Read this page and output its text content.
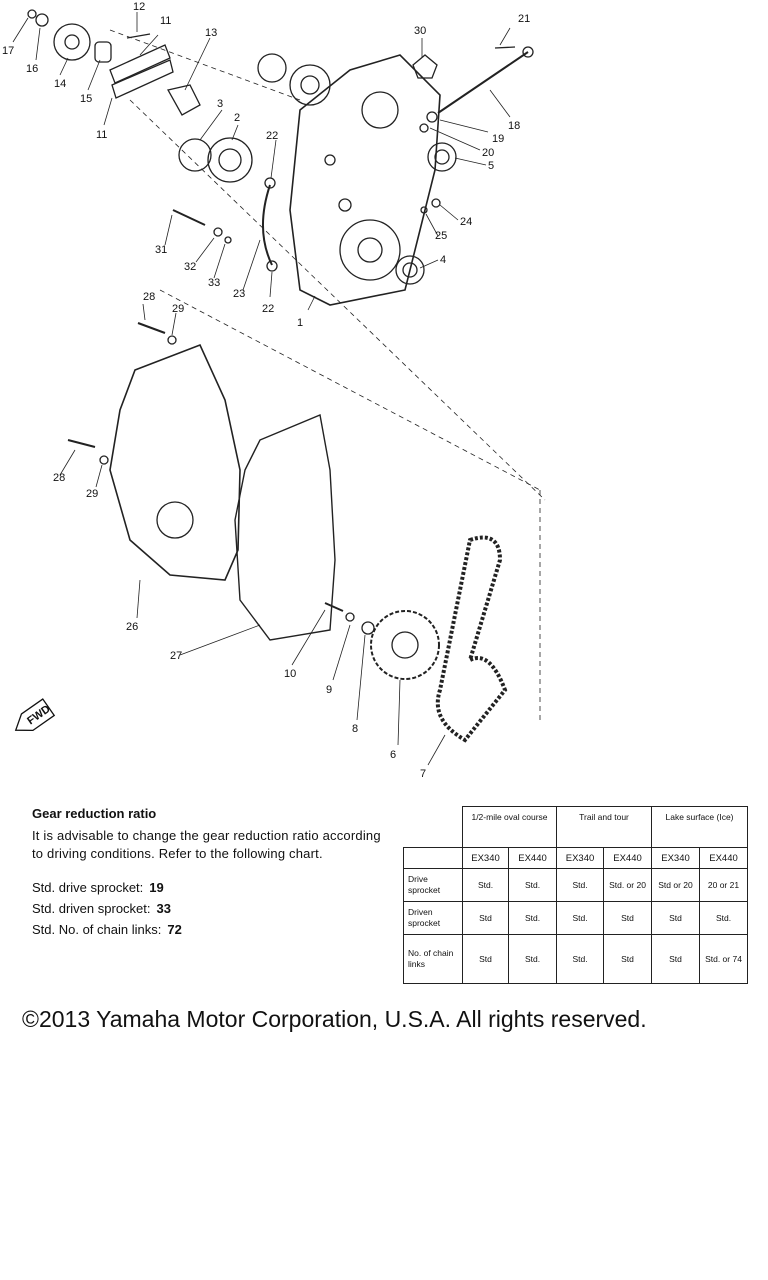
1
2
3
4
5
6
7
8
9
10
11
11
12
13
14
15
16
17
18
19
20
21
22
22
23
24
25
26
27
28
28
29
29
30
31
32
33
FWD

Gear reduction ratio

It is advisable to change the gear reduction ratio according to driving conditions. Refer to the following chart.

Std. drive sprocket: 19

Std. driven sprocket: 33

Std. No. of chain links: 72

	1/2-mile oval course		Trail and tour		Lake surface (Ice)	
	EX340	EX440	EX340	EX440	EX340	EX440
Drive sprocket	Std.	Std.	Std.	Std. or 20	Std or 20	20 or 21
Driven sprocket	Std	Std.	Std.	Std	Std	Std.
No. of chain links	Std	Std.	Std.	Std	Std	Std. or 74

©2013 Yamaha Motor Corporation, U.S.A. All rights reserved.
